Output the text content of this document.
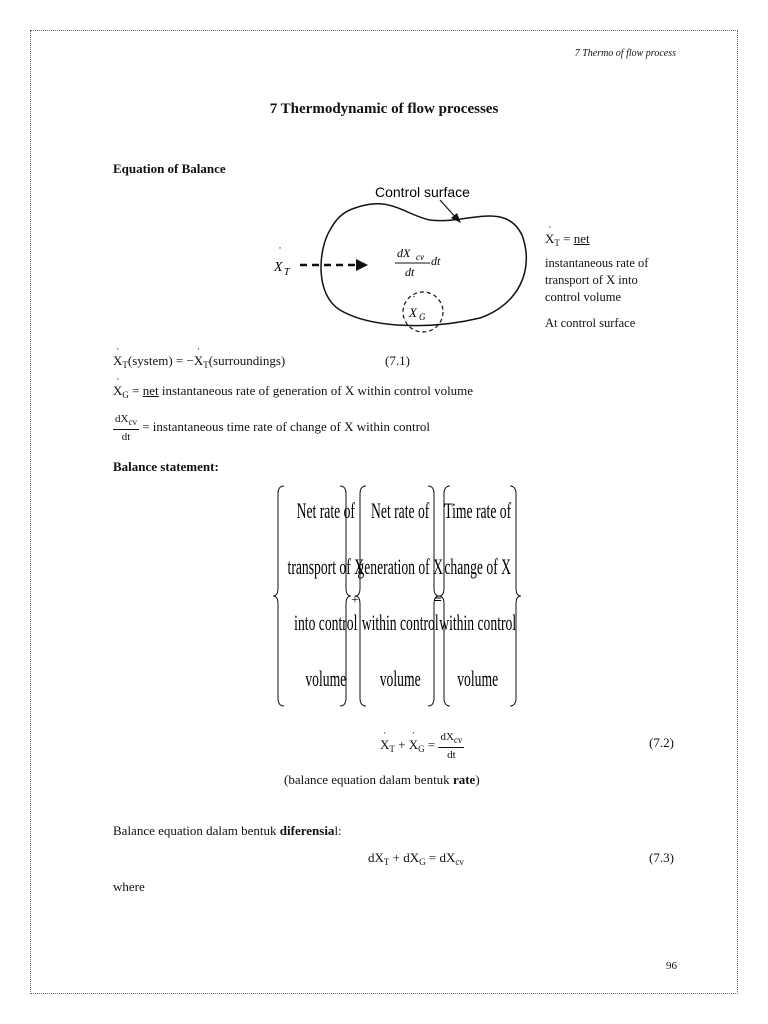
7 Thermo of flow process
7 Thermodynamic of flow processes
Equation of Balance
Control surface
X
˙
T
dX cv
dt
dt
X
˙
G
˙ $X_T$ = net
instantaneous rate of
transport of X into
control volume
At control surface
˙ $X_T(system)$ = −˙ $X_T(surroundings)$	(7.1)
˙ $X_G$ = net instantaneous rate of generation of X within control volume
$\frac{dX_{cv}}{dt}$ = instantaneous time rate of change of X within control
Balance statement:
Net rate of
transport of X
into control
volume
Net rate of
generation of X
within control
volume
Time rate of
change of X
within control
volume
+	=
˙ $X_T$ + ˙ $X_G = \frac{dX_{cv}}{dt}$	(7.2)
(balance equation dalam bentuk rate)
Balance equation dalam bentuk diferensial:
$dX_T + dX_G = dX_{cv}$	(7.3)
where
96
